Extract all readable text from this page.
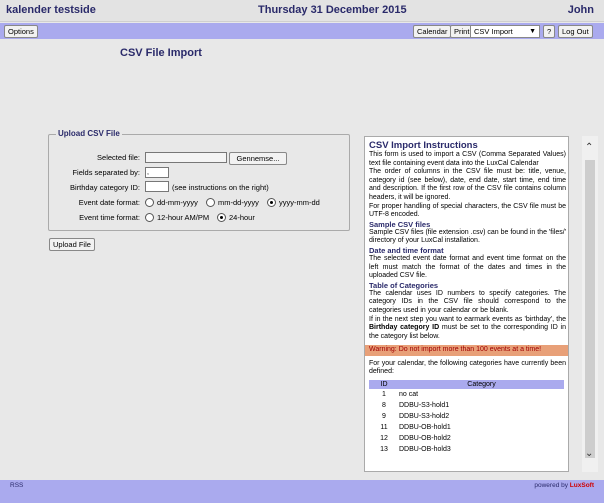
kalender testside	Thursday 31 December 2015	John
Options	Calendar Print CSV Import ▼	?	Log Out
CSV File Import
Upload CSV File
Selected file:	Gennemse...
Fields separated by: ,
Birthday category ID:	(see instructions on the right)
Event date format: dd-mm-yyyy	mm-dd-yyyy	yyyy-mm-dd
Event time format: 12-hour AM/PM	24-hour
Upload File
CSV Import Instructions

This form is used to import a CSV (Comma Separated Values) text file containing event data into the LuxCal Calendar

The order of columns in the CSV file must be: title, venue, category id (see below), date, end date, start time, end time and description. If the first row of the CSV file contains column headers, it will be ignored.

For proper handling of special characters, the CSV file must be UTF-8 encoded.

Sample CSV files

Sample CSV files (file extension .csv) can be found in the 'files/' directory of your LuxCal installation.

Date and time format

The selected event date format and event time format on the left must match the format of the dates and times in the uploaded CSV file.

Table of Categories

The calendar uses ID numbers to specify categories. The category IDs in the CSV file should correspond to the categories used in your calendar or be blank.

If in the next step you want to earmark events as 'birthday', the Birthday category ID must be set to the corresponding ID in the category list below.

Warning: Do not import more than 100 events at a time!

For your calendar, the following categories have currently been defined:

ID	Category
1	no cat
8	DDBU-S3-hold1
9	DDBU-S3-hold2
11	DDBU-OB-hold1
12	DDBU-OB-hold2
13	DDBU-OB-hold3
⌃
⌄
RSS	powered by LuxSoft
